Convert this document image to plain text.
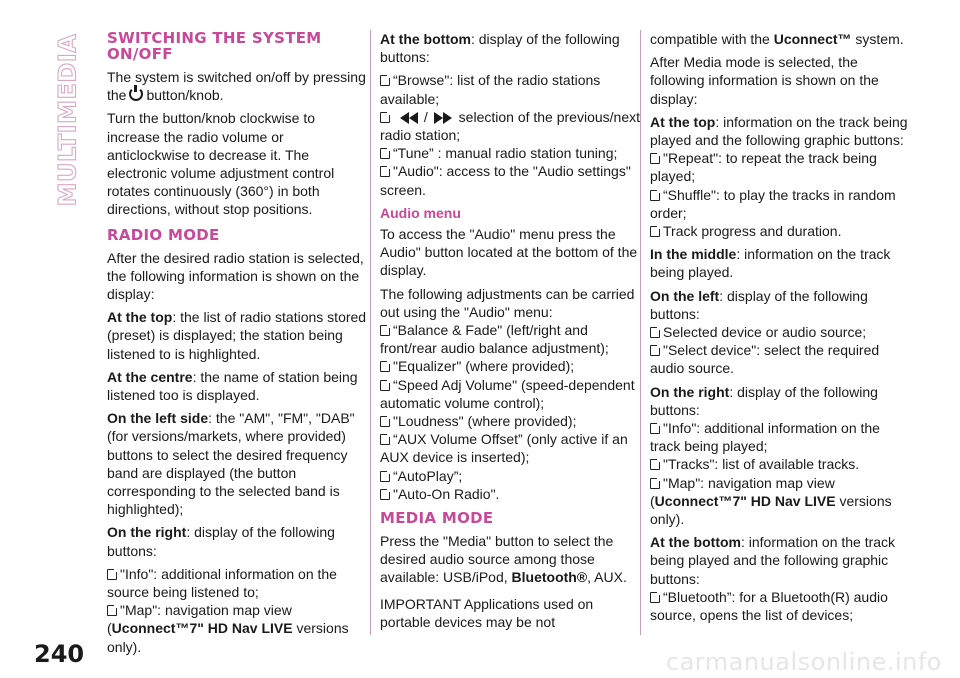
MULTIMEDIA SWITCHING THE SYSTEM ON/OFF

The system is switched on/off by pressing the button/knob.

Turn the button/knob clockwise to increase the radio volume or anticlockwise to decrease it. The electronic volume adjustment control rotates continuously (360°) in both directions, without stop positions.

RADIO MODE

After the desired radio station is selected, the following information is shown on the display:

At the top: the list of radio stations stored (preset) is displayed; the station being listened to is highlighted.

At the centre: the name of station being listened too is displayed.

On the left side: the "AM", "FM", "DAB" (for versions/markets, where provided) buttons to select the desired frequency band are displayed (the button corresponding to the selected band is highlighted);

On the right: display of the following buttons:

"Info": additional information on the source being listened to;
"Map": navigation map view (Uconnect™7" HD Nav LIVE versions only).

At the bottom: display of the following buttons:

“Browse": list of the radio stations available;

/ selection of the previous/next radio station;
“Tune” : manual radio station tuning;
"Audio": access to the "Audio settings" screen.
Audio menu

To access the "Audio" menu press the Audio" button located at the bottom of the display.

The following adjustments can be carried out using the "Audio" menu:

“Balance & Fade" (left/right and front/rear audio balance adjustment);
"Equalizer" (where provided);
“Speed Adj Volume" (speed-dependent automatic volume control);
"Loudness" (where provided);
“AUX Volume Offset” (only active if an AUX device is inserted);
“AutoPlay”;
"Auto-On Radio".
MEDIA MODE

Press the "Media" button to select the desired audio source among those available: USB/iPod, Bluetooth®, AUX.

IMPORTANT Applications used on portable devices may be not

compatible with the Uconnect™ system.

After Media mode is selected, the following information is shown on the display:

At the top: information on the track being played and the following graphic buttons:

"Repeat": to repeat the track being played;
“Shuffle": to play the tracks in random order;
Track progress and duration.

In the middle: information on the track being played.

On the left: display of the following buttons:

Selected device or audio source;
"Select device": select the required audio source.

On the right: display of the following buttons:

"Info": additional information on the track being played;
"Tracks": list of available tracks.
"Map": navigation map view (Uconnect™7" HD Nav LIVE versions only).

At the bottom: information on the track being played and the following graphic buttons:

“Bluetooth”: for a Bluetooth(R) audio source, opens the list of devices;
240	carmanualsonline.info
